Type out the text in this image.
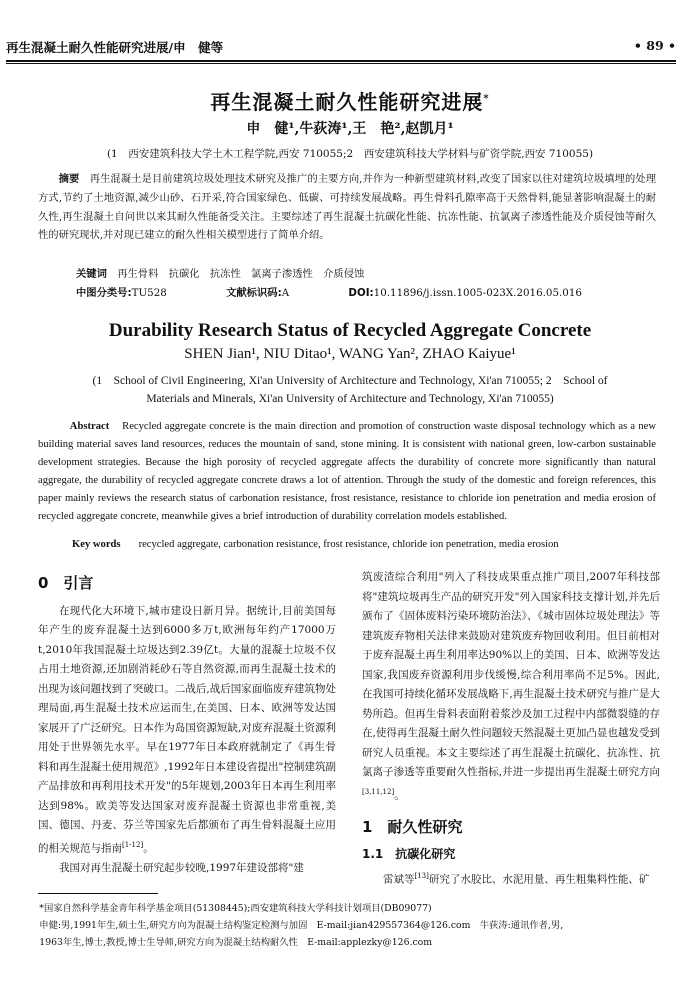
再生混凝土耐久性能研究进展/申　健等	• 89 •
再生混凝土耐久性能研究进展*
申　健¹,牛荻涛¹,王　艳²,赵凯月¹
(1　西安建筑科技大学土木工程学院,西安 710055;2　西安建筑科技大学材料与矿资学院,西安 710055)
摘要　 再生混凝土是目前建筑垃圾处理技术研究及推广的主要方向,并作为一种新型建筑材料,改变了国家以往对建筑垃圾填埋的处理方式,节约了土地资源,减少山砂、石开采,符合国家绿色、低碳、可持续发展战略。再生骨料孔隙率高于天然骨料,能显著影响混凝土的耐久性,再生混凝土自问世以来其耐久性能备受关注。主要综述了再生混凝土抗碳化性能、抗冻性能、抗氯离子渗透性能及介质侵蚀等耐久性的研究现状,并对现已建立的耐久性相关模型进行了简单介绍。
关键词　 再生骨料　抗碳化　抗冻性　氯离子渗透性　介质侵蚀
中图分类号:TU528	文献标识码:A	DOI:10.11896/j.issn.1005-023X.2016.05.016
Durability Research Status of Recycled Aggregate Concrete
SHEN Jian¹, NIU Ditao¹, WANG Yan², ZHAO Kaiyue¹
(1　School of Civil Engineering, Xi'an University of Architecture and Technology, Xi'an 710055; 2　School of Materials and Minerals, Xi'an University of Architecture and Technology, Xi'an 710055)
Abstract Recycled aggregate concrete is the main direction and promotion of construction waste disposal technology which as a new building material saves land resources, reduces the mountain of sand, stone mining. It is consistent with national green, low-carbon sustainable development strategies. Because the high porosity of recycled aggregate affects the durability of concrete more significantly than natural aggregate, the durability of recycled aggregate concrete draws a lot of attention. Through the study of the domestic and foreign references, this paper mainly reviews the research status of carbonation resistance, frost resistance, resistance to chloride ion penetration and media erosion of recycled aggregate concrete, meanwhile gives a brief introduction of durability correlation models established.
Key words recycled aggregate, carbonation resistance, frost resistance, chloride ion penetration, media erosion
0　引言

在现代化大环境下,城市建设日新月异。据统计,目前美国每年产生的废弃混凝土达到6000多万t,欧洲每年约产17000万t,2010年我国混凝土垃圾达到2.39亿t。大量的混凝土垃圾不仅占用土地资源,还加剧消耗砂石等自然资源,而再生混凝土技术的出现为该问题找到了突破口。二战后,战后国家面临废弃建筑物处理局面,再生混凝土技术应运而生,在美国、日本、欧洲等发达国家展开了广泛研究。日本作为岛国资源短缺,对废弃混凝土资源利用处于世界领先水平。早在1977年日本政府就制定了《再生骨料和再生混凝土使用规范》,1992年日本建设省提出"控制建筑副产品排放和再利用技术开发"的5年规划,2003年日本再生利用率达到98%。欧美等发达国家对废弃混凝土资源也非常重视,美国、德国、丹麦、芬兰等国家先后都颁布了再生骨料混凝土应用的相关规范与指南[1-12]。

我国对再生混凝土研究起步较晚,1997年建设部将"建

筑废渣综合利用"列入了科技成果重点推广项目,2007年科技部将"建筑垃圾再生产品的研究开发"列入国家科技支撑计划,并先后颁布了《固体废料污染环境防治法》、《城市固体垃圾处理法》等建筑废弃物相关法律来鼓励对建筑废弃物回收利用。但目前相对于废弃混凝土再生利用率达90%以上的美国、日本、欧洲等发达国家,我国废弃资源利用步伐缓慢,综合利用率尚不足5%。因此,在我国可持续化循环发展战略下,再生混凝土技术研究与推广是大势所趋。但再生骨料表面附着浆沙及加工过程中内部微裂缝的存在,使得再生混凝土耐久性问题较天然混凝土更加凸显也越发受到研究人员重视。本文主要综述了再生混凝土抗碳化、抗冻性、抗氯离子渗透等重要耐久性指标,并进一步提出再生混凝土研究方向[3,11,12]。

1　耐久性研究
1.1　抗碳化研究

雷斌等[13]研究了水胶比、水泥用量、再生粗集料性能、矿

*国家自然科学基金青年科学基金项目(51308445);西安建筑科技大学科技计划项目(DB09077)

申健:男,1991年生,硕士生,研究方向为混凝土结构鉴定检测与加固　E-mail:jian429557364@126.com　牛荻涛:通讯作者,男,

1963年生,博士,教授,博士生导师,研究方向为混凝土结构耐久性　E-mail:applezky@126.com
